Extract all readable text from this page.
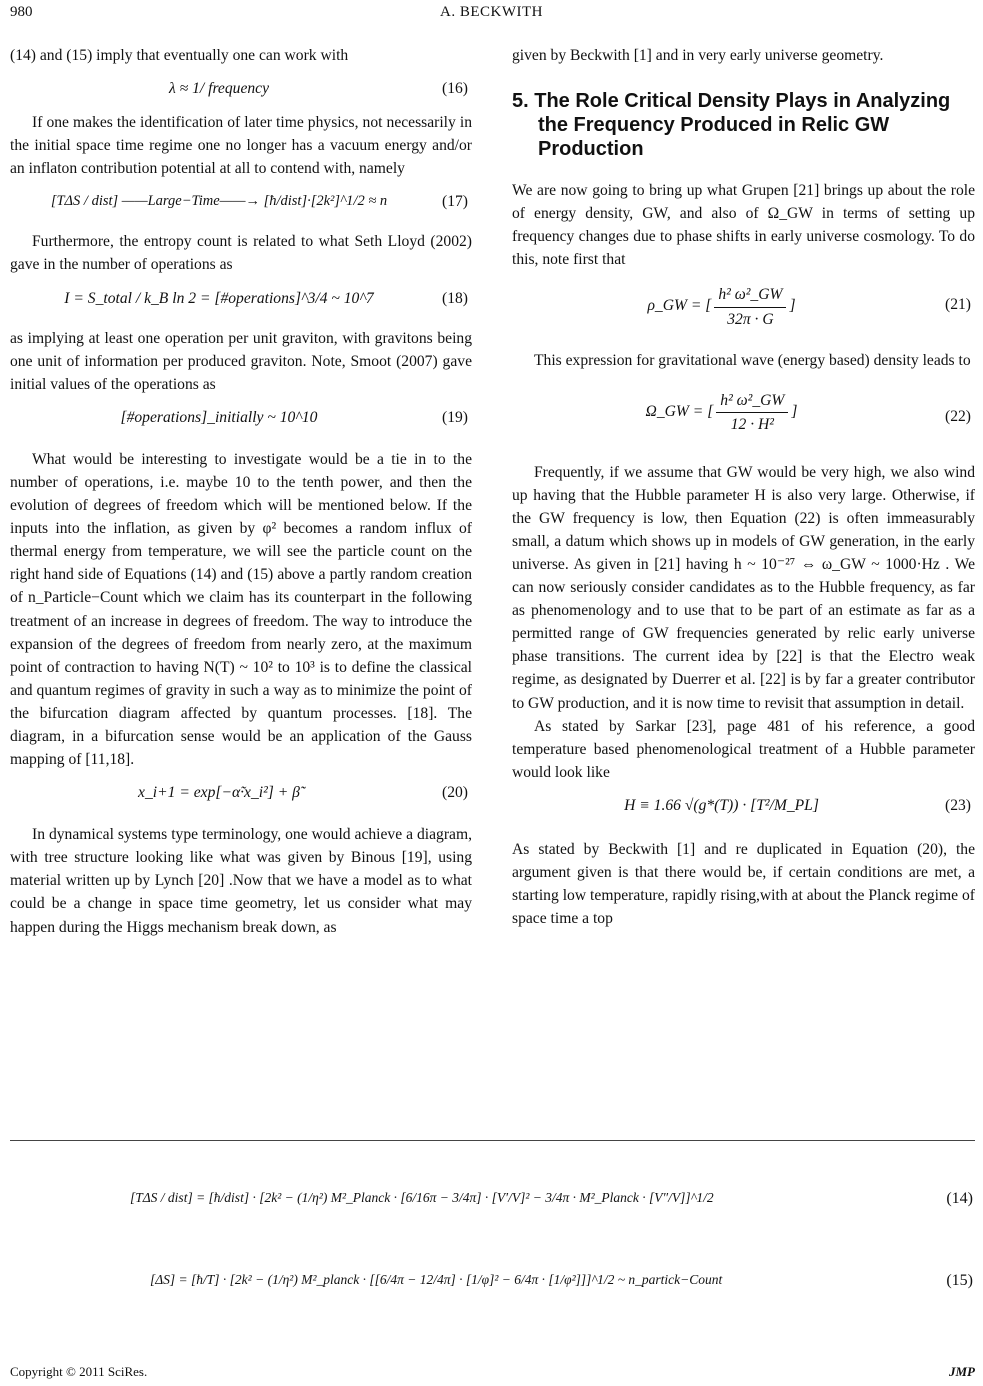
980	A. BECKWITH

(14) and (15) imply that eventually one can work with

λ ≈ 1/ frequency	(16)

If one makes the identification of later time physics, not necessarily in the initial space time regime one no longer has a vacuum energy and/or an inflaton contribution potential at all to contend with, namely

[TΔS / dist] ——Large−Time——→ [ħ/dist]·[2k²]^1/2 ≈ n	(17)

Furthermore, the entropy count is related to what Seth Lloyd (2002) gave in the number of operations as

I = S_total / k_B ln 2 = [#operations]^3/4 ~ 10^7	(18)

as implying at least one operation per unit graviton, with gravitons being one unit of information per produced graviton. Note, Smoot (2007) gave initial values of the operations as

[#operations]_initially ~ 10^10	(19)

What would be interesting to investigate would be a tie in to the number of operations, i.e. maybe 10 to the tenth power, and then the evolution of degrees of freedom which will be mentioned below. If the inputs into the inflation, as given by φ² becomes a random influx of thermal energy from temperature, we will see the particle count on the right hand side of Equations (14) and (15) above a partly random creation of n_Particle−Count which we claim has its counterpart in the following treatment of an increase in degrees of freedom. The way to introduce the expansion of the degrees of freedom from nearly zero, at the maximum point of contraction to having N(T) ~ 10² to 10³ is to define the classical and quantum regimes of gravity in such a way as to minimize the point of the bifurcation diagram affected by quantum processes. [18]. The diagram, in a bifurcation sense would be an application of the Gauss mapping of [11,18].

x_i+1 = exp[−α̃·x_i²] + β̃	(20)

In dynamical systems type terminology, one would achieve a diagram, with tree structure looking like what was given by Binous [19], using material written up by Lynch [20] .Now that we have a model as to what could be a change in space time geometry, let us consider what may happen during the Higgs mechanism break down, as

given by Beckwith [1] and in very early universe geometry.

5. The Role Critical Density Plays in Analyzing the Frequency Produced in Relic GW Production

We are now going to bring up what Grupen [21] brings up about the role of energy density, GW, and also of Ω_GW in terms of setting up frequency changes due to phase shifts in early universe cosmology. To do this, note first that

ρ_GW = [ $\frac{\text{h² ω²\_GW}}{32\pi \cdot G}$ ]	(21)

This expression for gravitational wave (energy based) density leads to

Ω_GW = [ $\frac{\text{h² ω²\_GW}}{\text{12 · H²}}$ ]	(22)

Frequently, if we assume that GW would be very high, we also wind up having that the Hubble parameter H is also very large. Otherwise, if the GW frequency is low, then Equation (22) is often immeasurably small, a datum which shows up in models of GW generation, in the early universe. As given in [21] having h ~ 10⁻²⁷ ⇔ ω_GW ~ 1000·Hz . We can now seriously consider candidates as to the Hubble frequency, as far as phenomenology and to use that to be part of an estimate as far as a permitted range of GW frequencies generated by relic early universe phase transitions. The current idea by [22] is that the Electro weak regime, as designated by Duerrer et al. [22] is by far a greater contributor to GW production, and it is now time to revisit that assumption in detail.

As stated by Sarkar [23], page 481 of his reference, a good temperature based phenomenological treatment of a Hubble parameter would look like

H ≡ 1.66 √(g*(T)) · [T²/M_PL]	(23)

As stated by Beckwith [1] and re duplicated in Equation (20), the argument given is that there would be, if certain conditions are met, a starting low temperature, rapidly rising,with at about the Planck regime of space time a top

[TΔS / dist] = [ħ/dist] · [2k² − (1/η²) M²_Planck · [6/16π − 3/4π] · [V′/V]² − 3/4π · M²_Planck · [V″/V]]^1/2	(14)
[ΔS] = [ħ/T] · [2k² − (1/η²) M²_planck · [[6/4π − 12/4π] · [1/φ]² − 6/4π · [1/φ²]]]^1/2 ~ n_partick−Count	(15)
Copyright © 2011 SciRes.	JMP
